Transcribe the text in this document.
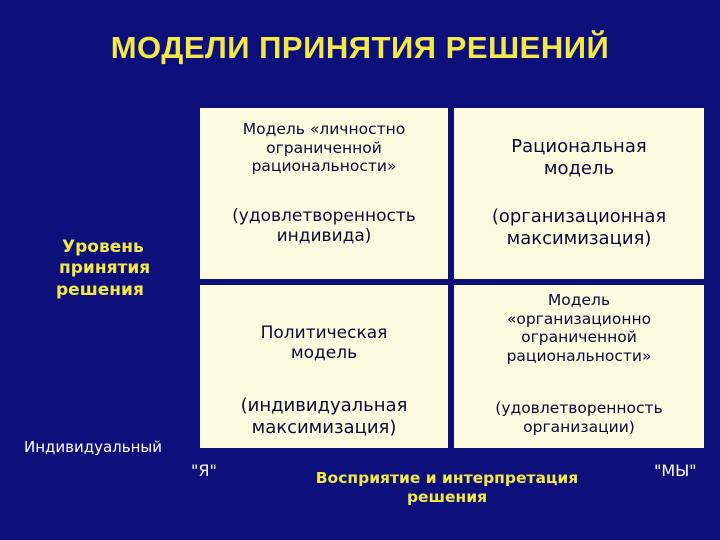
МОДЕЛИ ПРИНЯТИЯ РЕШЕНИЙ
Модель «личностно
ограниченной
рациональности»
(удовлетворенность
индивида)
Рациональная
модель
(организационная
максимизация)
Политическая
модель
(индивидуальная
максимизация)
Модель
«организационно
ограниченной
рациональности»
(удовлетворенность
организации)
Уровень
принятия
решения
Индивидуальный
"Я"	"МЫ"
Восприятие и интерпретация
решения
